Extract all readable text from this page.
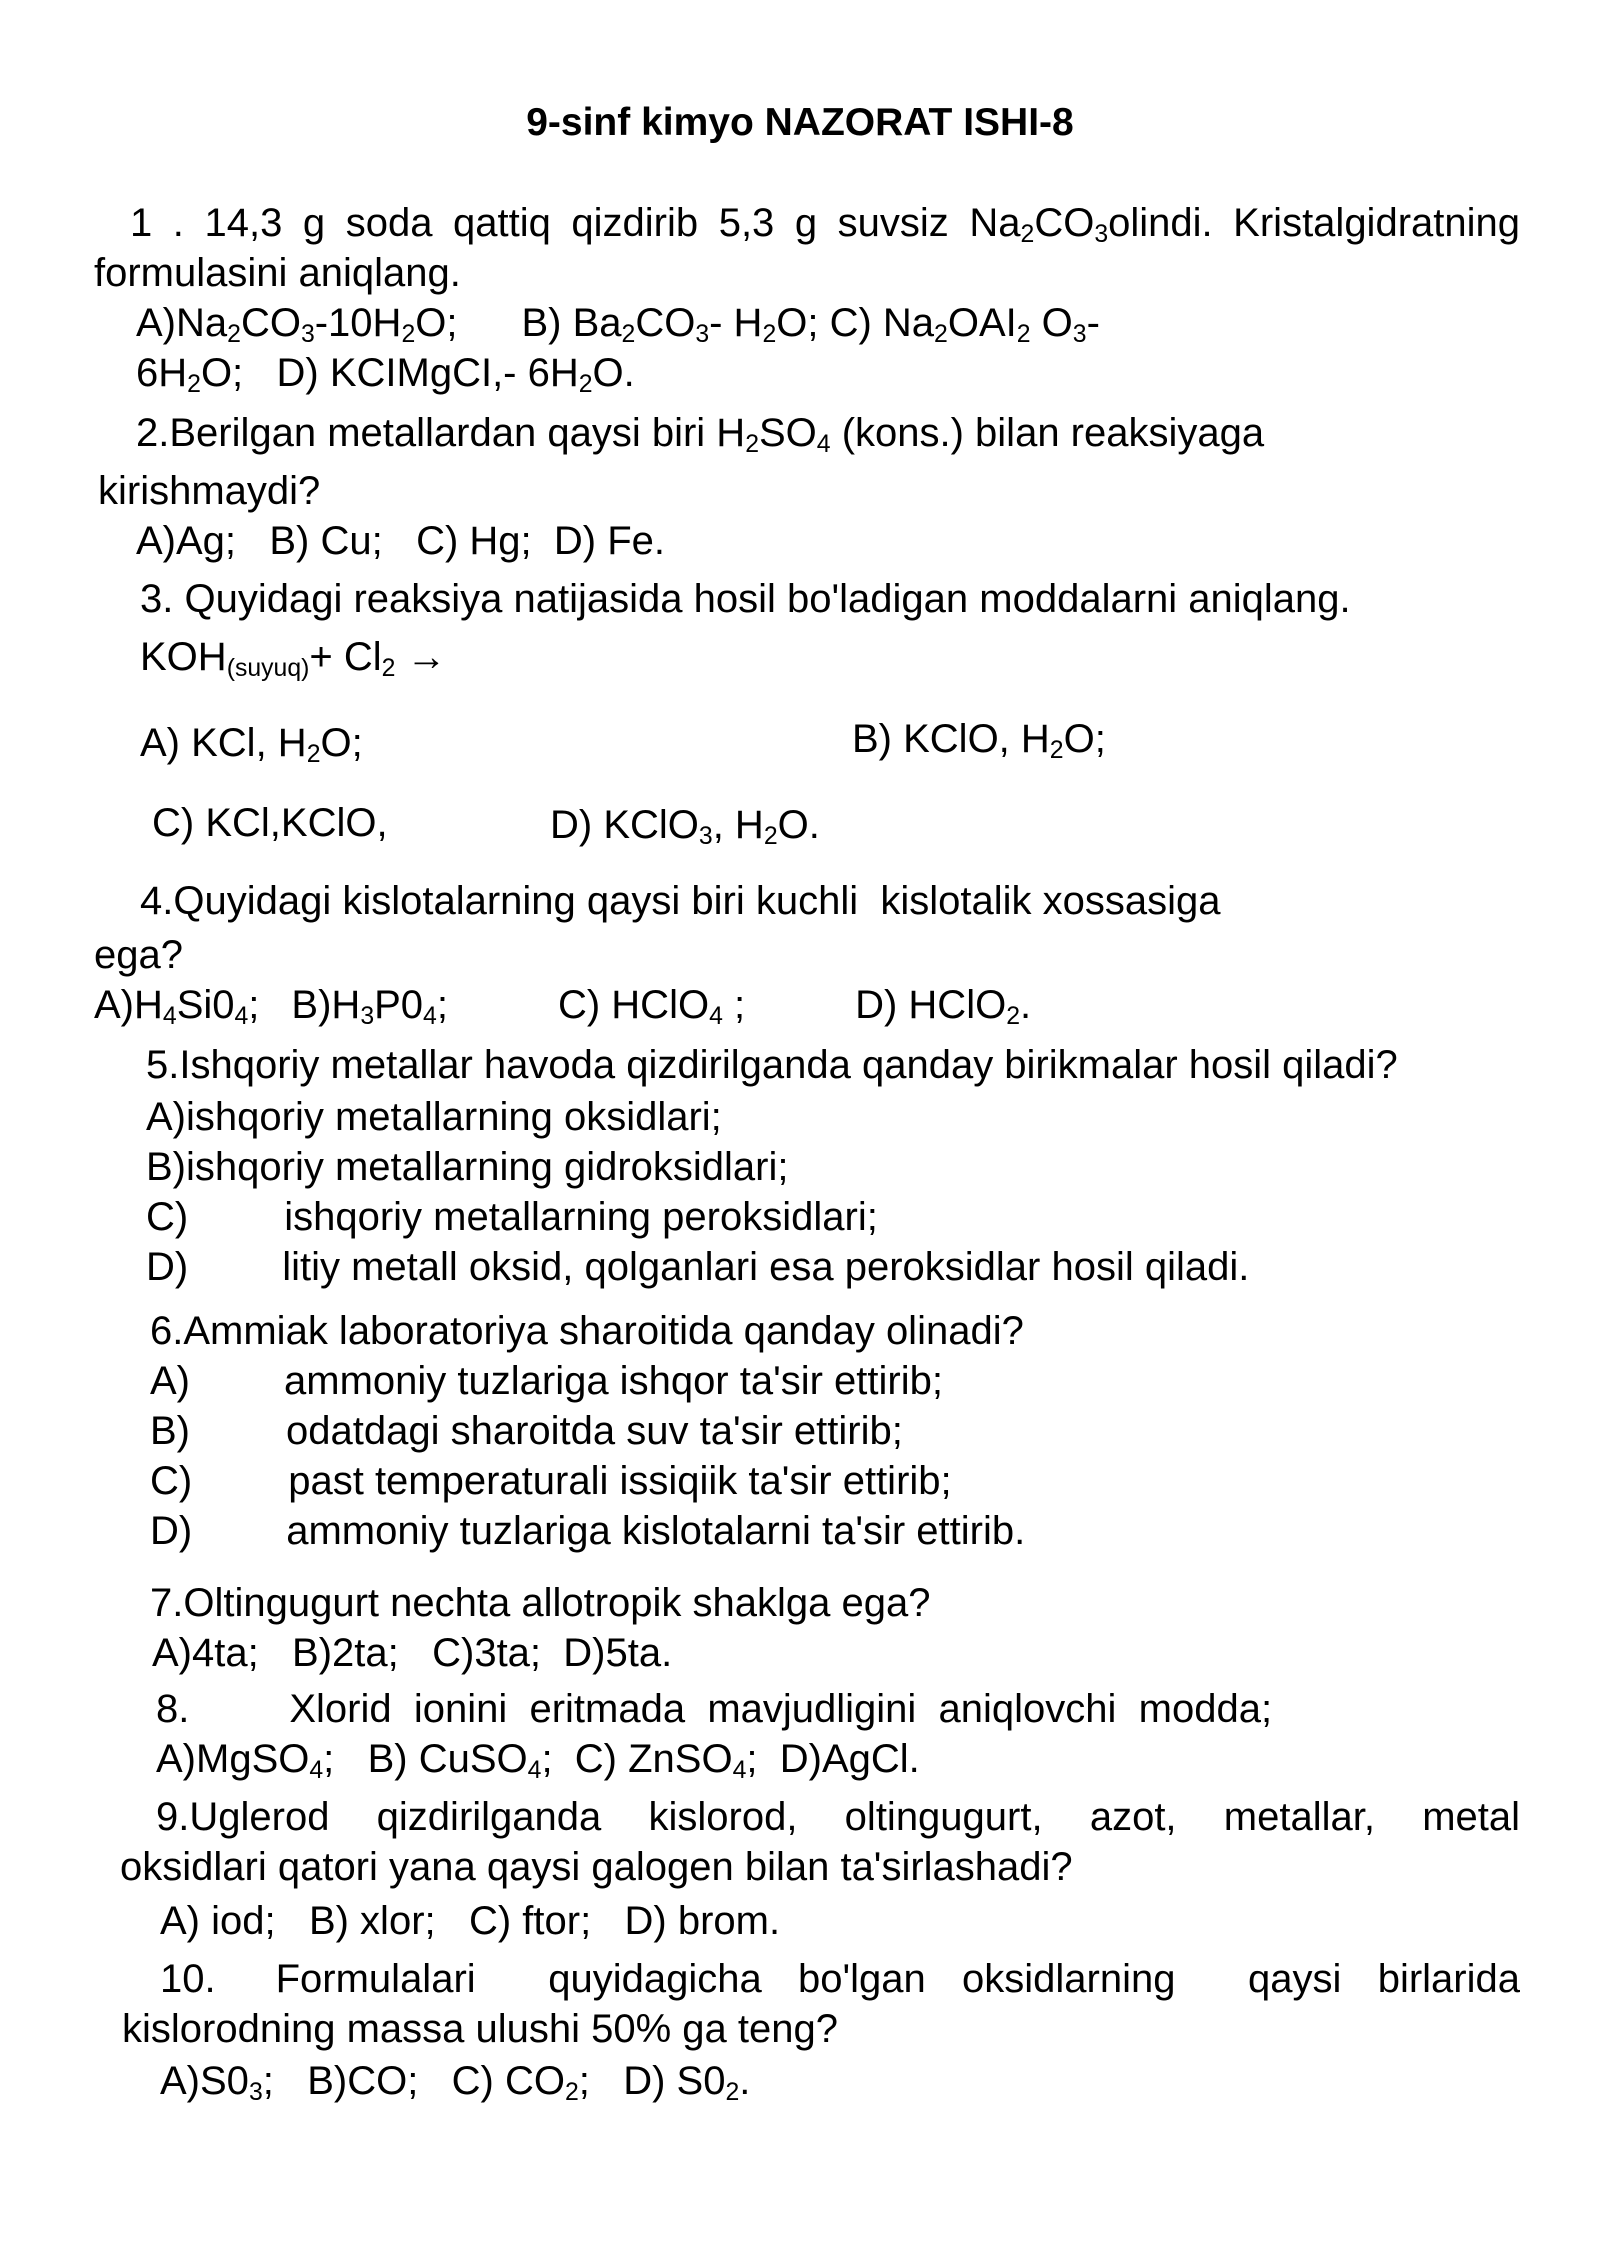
9-sinf kimyo NAZORAT ISHI-8
1 . 14,3 g soda qattiq qizdirib 5,3 g suvsiz $Na_2CO_3olindi$. Kristalgidratning
formulasini aniqlang.
$A)Na_2CO_3-10H_2O$; B) $Ba_2CO_3-$ $H_2O$; C) $Na_2OAI_2$ $O_3-$
$6H_2O$;   D) KCIMgCI,- $6H_2O$.
2.Berilgan metallardan qaysi biri $H_2SO_4$ (kons.) bilan reaksiyaga
kirishmaydi?
A)Ag;   B) Cu;   C) Hg;  D) Fe.
3. Quyidagi reaksiya natijasida hosil bo'ladigan moddalarni aniqlang.
$KOH_{(suyuq)}+ Cl_2$ →
A) KCl, $H_2O$;	B) KClO, $H_2O$;
C) KCl,KClO,	D) KClO$_3$, $H_2O$.
4.Quyidagi kislotalarning qaysi biri kuchli  kislotalik xossasiga
ega?
$A)H_4Si0_4$; $B)H_3P0_4$;	C) HClO$_4$ ;	D) HClO$_2$.
5.Ishqoriy metallar havoda qizdirilganda qanday birikmalar hosil qiladi?
A)ishqoriy metallarning oksidlari;
B)ishqoriy metallarning gidroksidlari;
C) ishqoriy metallarning peroksidlari;
D) litiy metall oksid, qolganlari esa peroksidlar hosil qiladi.
6.Ammiak laboratoriya sharoitida qanday olinadi?
A) ammoniy tuzlariga ishqor ta'sir ettirib;
B) odatdagi sharoitda suv ta'sir ettirib;
C) past temperaturali issiqiik ta'sir ettirib;
D) ammoniy tuzlariga kislotalarni ta'sir ettirib.
7.Oltingugurt nechta allotropik shaklga ega?
A)4ta;   B)2ta;   C)3ta;  D)5ta.
8.	Xlorid  ionini  eritmada  mavjudligini  aniqlovchi  modda;
A)MgSO$_4$;   B) CuSO$_4$;  C) ZnSO$_4$;  D)AgCl.
9.Uglerod qizdirilganda kislorod, oltingugurt, azot, metallar, metal
oksidlari qatori yana qaysi galogen bilan ta'sirlashadi?
A) iod;   B) xlor;   C) ftor;   D) brom.
10. Formulalari  quyidagicha bo'lgan oksidlarning  qaysi birlarida
kislorodning massa ulushi 50% ga teng?
$A)S0_3$;   B)CO;   C) $CO_2$;   D) $S0_2$.
